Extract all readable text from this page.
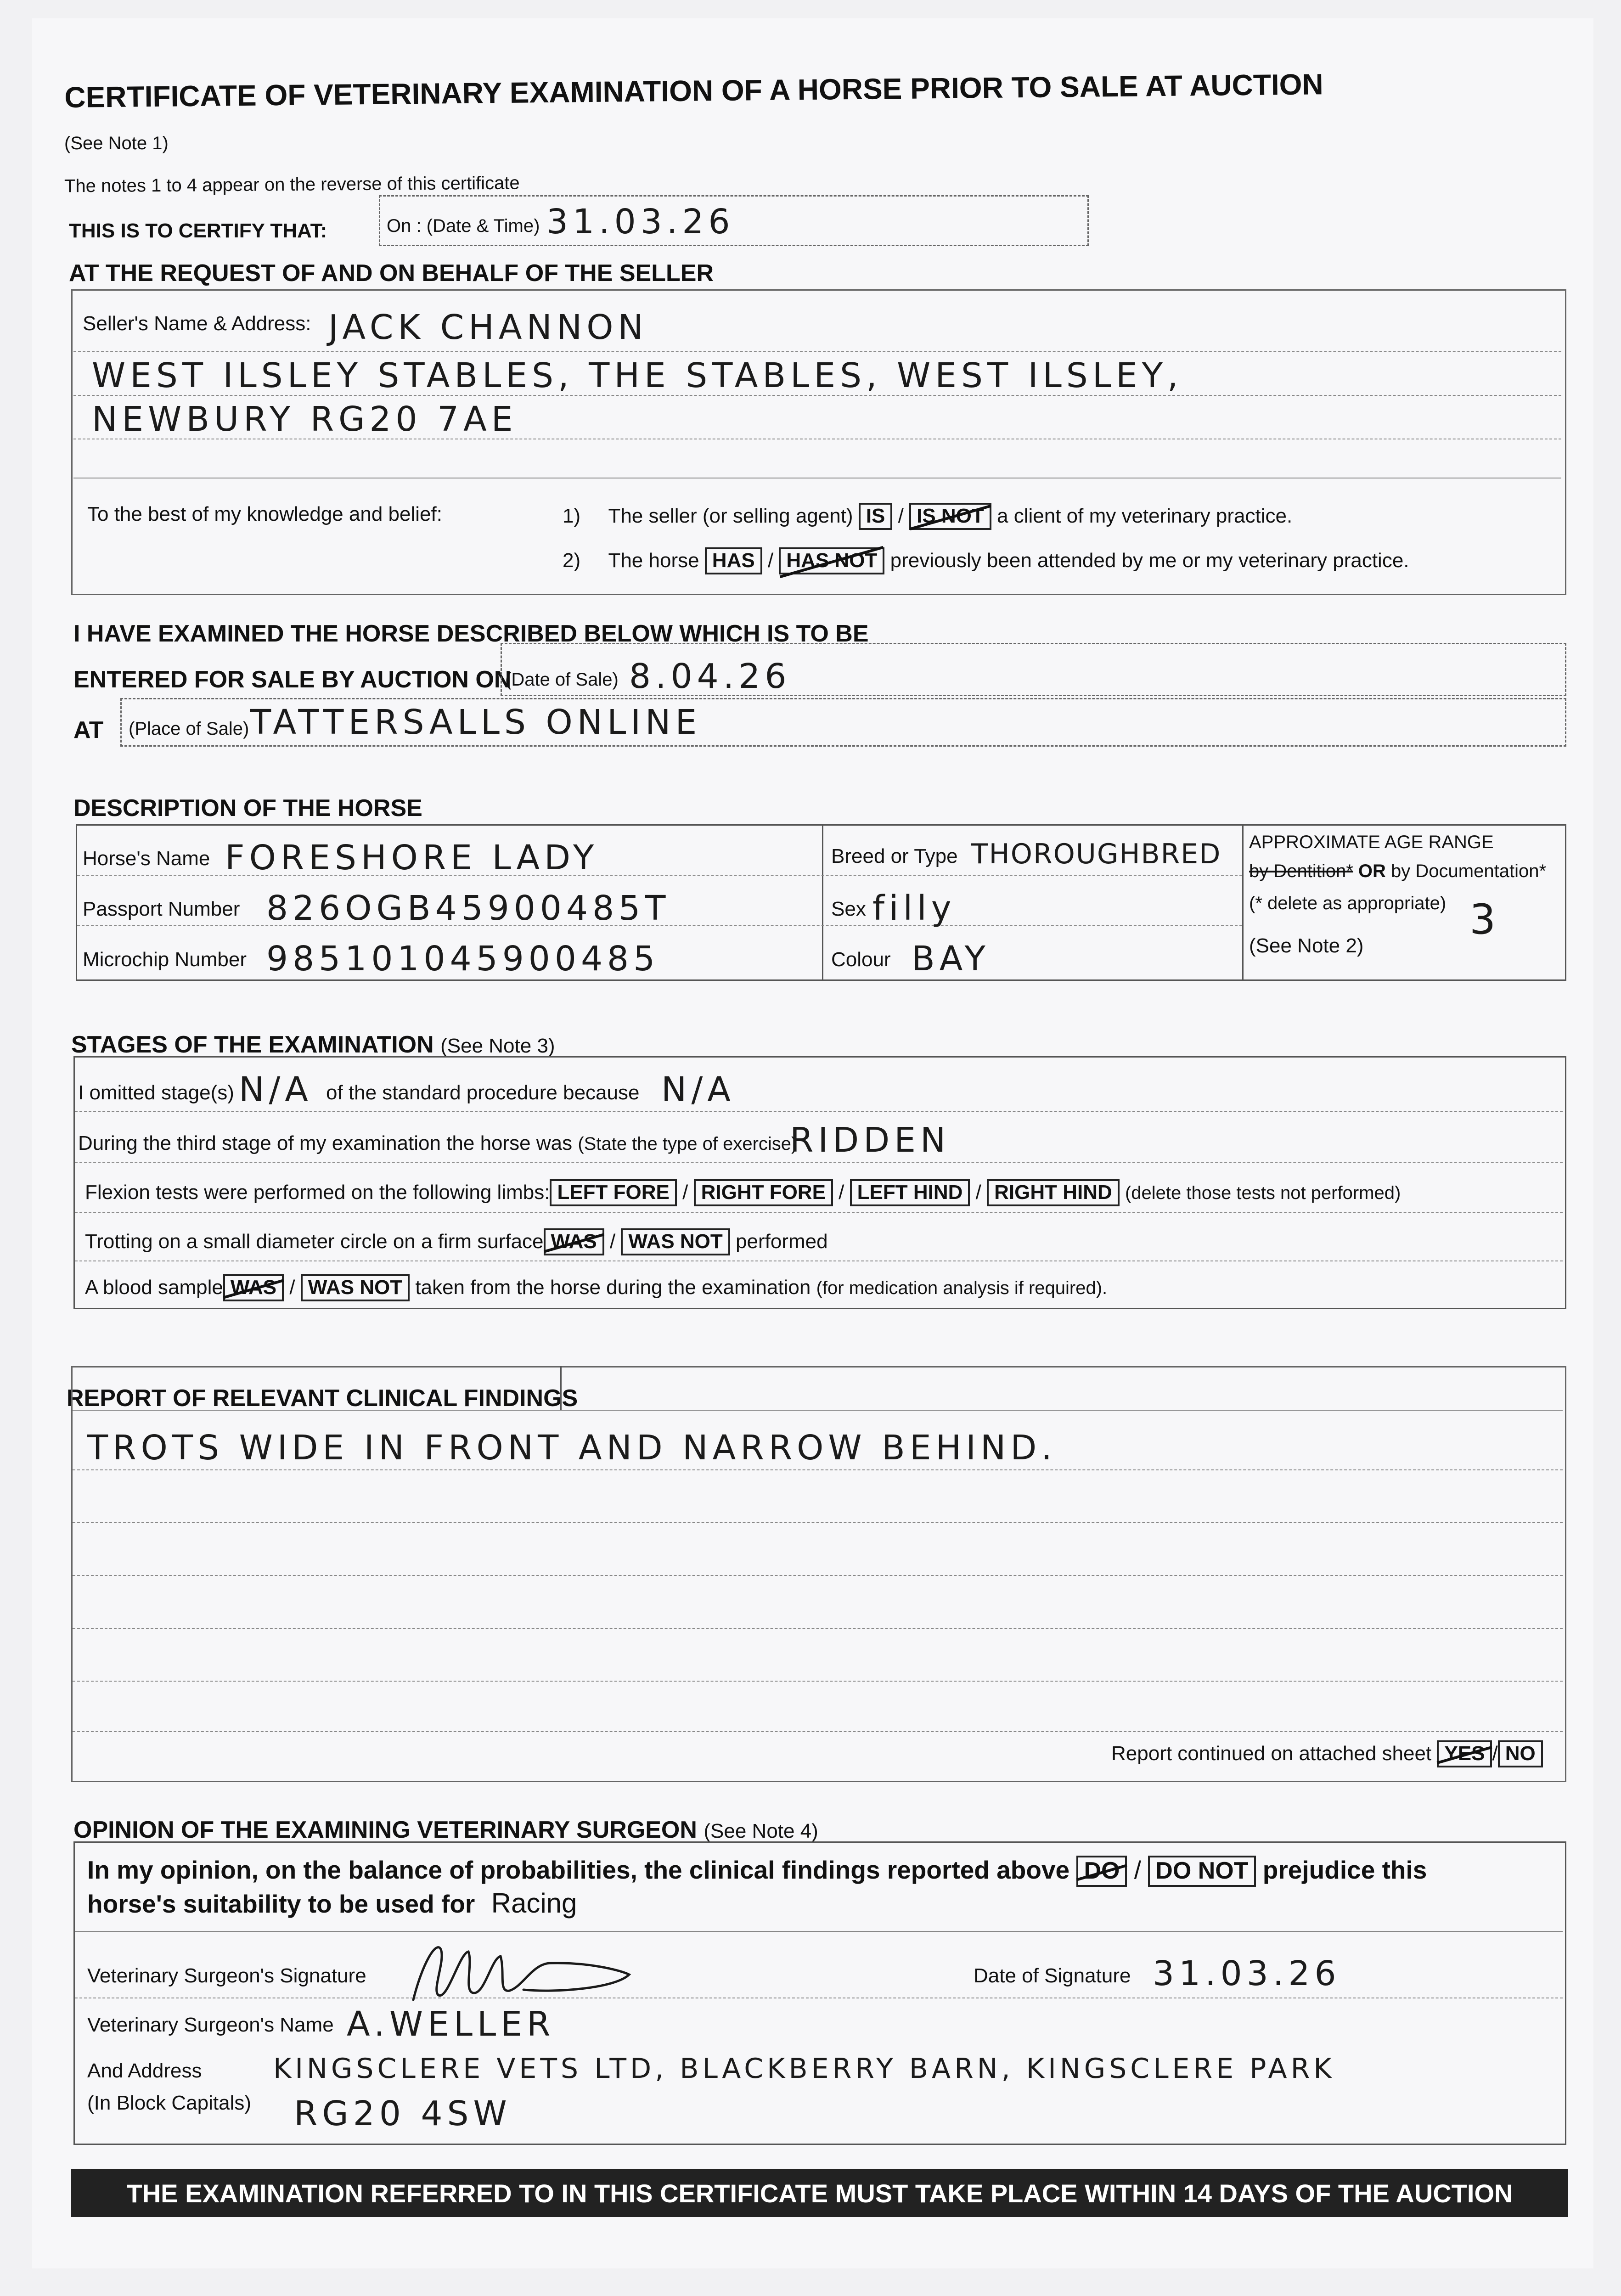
CERTIFICATE OF VETERINARY EXAMINATION OF A HORSE PRIOR TO SALE AT AUCTION
(See Note 1)
The notes 1 to 4 appear on the reverse of this certificate
THIS IS TO CERTIFY THAT:	On : (Date & Time) 31.03.26
AT THE REQUEST OF AND ON BEHALF OF THE SELLER
Seller's Name & Address: JACK CHANNON
WEST ILSLEY STABLES, THE STABLES, WEST ILSLEY,
NEWBURY RG20 7AE
To the best of my knowledge and belief:	1) The seller (or selling agent) IS / IS NOT a client of my veterinary practice.
2) The horse HAS / HAS NOT previously been attended by me or my veterinary practice.
I HAVE EXAMINED THE HORSE DESCRIBED BELOW WHICH IS TO BE
ENTERED FOR SALE BY AUCTION ON
(Date of Sale) 8.04.26
AT (Place of Sale) TATTERSALLS ONLINE
DESCRIPTION OF THE HORSE
Horse's Name FORESHORE LADY
Passport Number 826OGB45900485T
Microchip Number 985101045900485
Breed or Type THOROUGHBRED
Sex filly
Colour BAY
APPROXIMATE AGE RANGE
by Dentition* OR by Documentation*
(* delete as appropriate) 3
(See Note 2)
STAGES OF THE EXAMINATION (See Note 3)
I omitted stage(s) N/A of the standard procedure because N/A
During the third stage of my examination the horse was (State the type of exercise)
RIDDEN
Flexion tests were performed on the following limbs: LEFT FORE / RIGHT FORE / LEFT HIND / RIGHT HIND (delete those tests not performed)
Trotting on a small diameter circle on a firm surface WAS / WAS NOT performed
A blood sample WAS / WAS NOT taken from the horse during the examination (for medication analysis if required).
REPORT OF RELEVANT CLINICAL FINDINGS
TROTS WIDE IN FRONT AND NARROW BEHIND.
Report continued on attached sheet YES / NO
OPINION OF THE EXAMINING VETERINARY SURGEON (See Note 4)
In my opinion, on the balance of probabilities, the clinical findings reported above DO / DO NOT prejudice this
horse's suitability to be used for Racing
Veterinary Surgeon's Signature	Date of Signature 31.03.26
Veterinary Surgeon's Name A.WELLER
And Address
(In Block Capitals)
KINGSCLERE VETS LTD, BLACKBERRY BARN, KINGSCLERE PARK
RG20 4SW
THE EXAMINATION REFERRED TO IN THIS CERTIFICATE MUST TAKE PLACE WITHIN 14 DAYS OF THE AUCTION
